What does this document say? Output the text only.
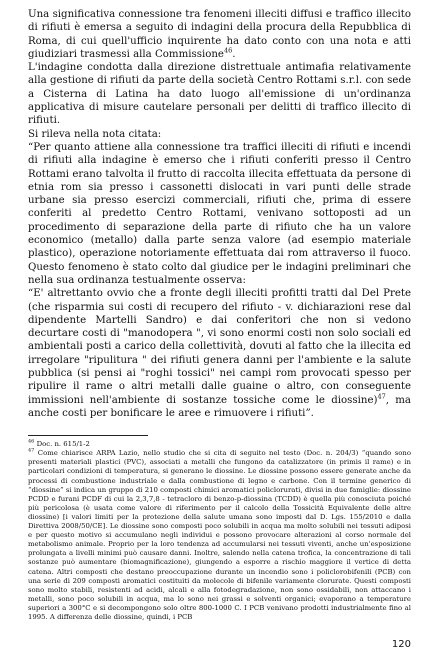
Una significativa connessione tra fenomeni illeciti diffusi e traffico illecito di rifiuti è emersa a seguito di indagini della procura della Repubblica di Roma, di cui quell'ufficio inquirente ha dato conto con una nota e atti giudiziari trasmessi alla Commissione$^{46}$.

L'indagine condotta dalla direzione distrettuale antimafia relativamente alla gestione di rifiuti da parte della società Centro Rottami s.r.l. con sede a Cisterna di Latina ha dato luogo all'emissione di un'ordinanza applicativa di misure cautelare personali per delitti di traffico illecito di rifiuti.

Si rileva nella nota citata:

“Per quanto attiene alla connessione tra traffici illeciti di rifiuti e incendi di rifiuti alla indagine è emerso che i rifiuti conferiti presso il Centro Rottami erano talvolta il frutto di raccolta illecita effettuata da persone di etnia rom sia presso i cassonetti dislocati in vari punti delle strade urbane sia presso esercizi commerciali, rifiuti che, prima di essere conferiti al predetto Centro Rottami, venivano sottoposti ad un procedimento di separazione della parte di rifiuto che ha un valore economico (metallo) dalla parte senza valore (ad esempio materiale plastico), operazione notoriamente effettuata dai rom attraverso il fuoco. Questo fenomeno è stato colto dal giudice per le indagini preliminari che nella sua ordinanza testualmente osserva:

“E' altrettanto ovvio che a fronte degli illeciti profitti tratti dal Del Prete (che risparmia sui costi di recupero del rifiuto - v. dichiarazioni rese dal dipendente Martelli Sandro) e dai conferitori che non si vedono decurtare costi di "manodopera ", vi sono enormi costi non solo sociali ed ambientali posti a carico della collettività, dovuti al fatto che la illecita ed irregolare "ripulitura " dei rifiuti genera danni per l'ambiente e la salute pubblica (si pensi ai "roghi tossici" nei campi rom provocati spesso per ripulire il rame o altri metalli dalle guaine o altro, con conseguente immissioni nell'ambiente di sostanze tossiche come le diossine)$^{47}$, ma anche costi per bonificare le aree e rimuovere i rifiuti”.

$^{46}$ Doc. n. 615/1-2

$^{47}$ Come chiarisce ARPA Lazio, nello studio che si cita di seguito nel testo (Doc. n. 204/3) “quando sono presenti materiali plastici (PVC), associati a metalli che fungono da catalizzatore (in primis il rame) e in particolari condizioni di temperatura, si generano le diossine. Le diossine possono essere generate anche da processi di combustione industriale e dalla combustione di legno e carbone. Con il termine generico di “diossine” si indica un gruppo di 210 composti chimici aromatici policlorurati, divisi in due famiglie: diossine PCDD e furani PCDF di cui la 2,3,7,8 - tetracloro di benzo-p-diossina (TCDD) è quella più conosciuta poiché più pericolosa (è usata come valore di riferimento per il calcolo della Tossicità Equivalente delle altre diossine) [i valori limiti per la protezione della salute umana sono imposti dal D. Lgs. 155/2010 e dalla Direttiva 2008/50/CE]. Le diossine sono composti poco solubili in acqua ma molto solubili nei tessuti adiposi e per questo motivo si accumulano negli individui e possono provocare alterazioni al corso normale del metabolismo animale. Proprio per la loro tendenza ad accumularsi nei tessuti viventi, anche un'esposizione prolungata a livelli minimi può causare danni. Inoltre, salendo nella catena trofica, la concentrazione di tali sostanze può aumentare (biomagnificazione), giungendo a esporre a rischio maggiore il vertice di detta catena. Altri composti che destano preoccupazione durante un incendio sono i policlorobifenili (PCB) con una serie di 209 composti aromatici costituiti da molecole di bifenile variamente clorurate. Questi composti sono molto stabili, resistenti ad acidi, alcali e alla fotodegradazione, non sono ossidabili, non attaccano i metalli, sono poco solubili in acqua, ma lo sono nei grassi e solventi organici; evaporano a temperature superiori a 300°C e si decompongono solo oltre 800-1000 C. I PCB venivano prodotti industrialmente fino al 1995. A differenza delle diossine, quindi, i PCB

120
